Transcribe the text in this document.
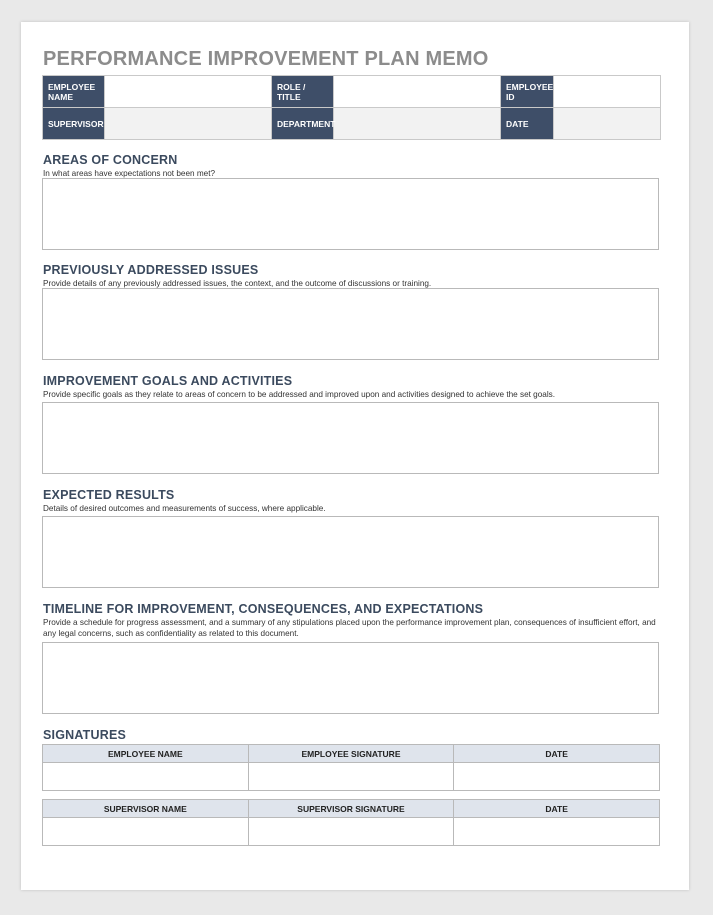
PERFORMANCE IMPROVEMENT PLAN MEMO
EMPLOYEE NAME		ROLE / TITLE		EMPLOYEE ID	
SUPERVISOR		DEPARTMENT		DATE	
AREAS OF CONCERN
In what areas have expectations not been met?
PREVIOUSLY ADDRESSED ISSUES
Provide details of any previously addressed issues, the context, and the outcome of discussions or training.
IMPROVEMENT GOALS AND ACTIVITIES
Provide specific goals as they relate to areas of concern to be addressed and improved upon and activities designed to achieve the set goals.
EXPECTED RESULTS
Details of desired outcomes and measurements of success, where applicable.
TIMELINE FOR IMPROVEMENT, CONSEQUENCES, AND EXPECTATIONS
Provide a schedule for progress assessment, and a summary of any stipulations placed upon the performance improvement plan, consequences of insufficient effort, and any legal concerns, such as confidentiality as related to this document.
SIGNATURES
EMPLOYEE NAME	EMPLOYEE SIGNATURE	DATE

SUPERVISOR NAME	SUPERVISOR SIGNATURE	DATE
